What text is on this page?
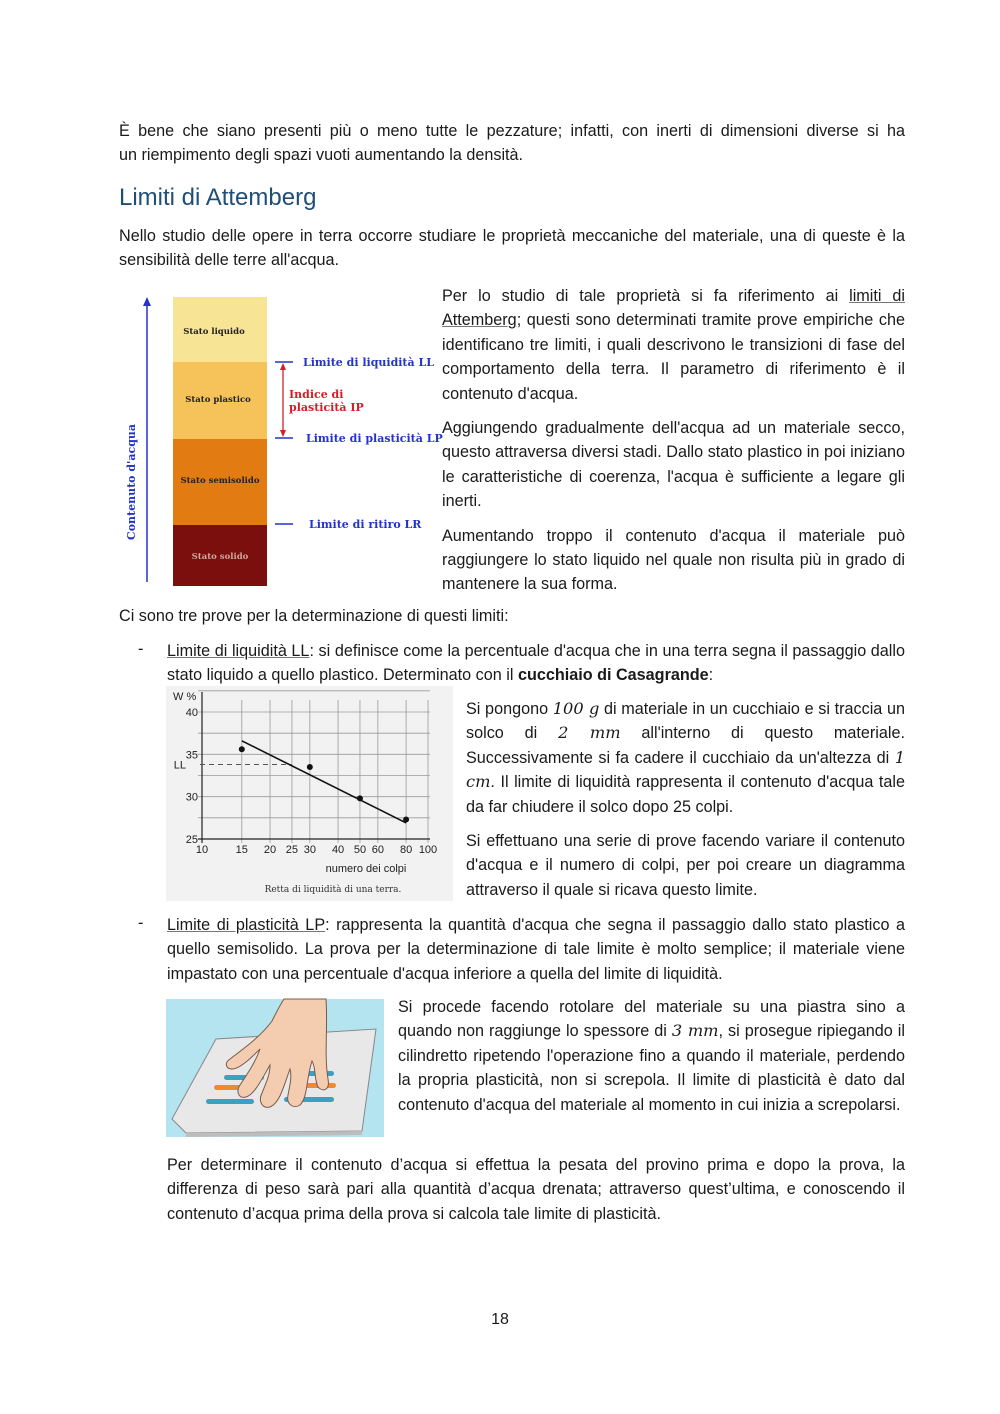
È bene che siano presenti più o meno tutte le pezzature; infatti, con inerti di dimensioni diverse si ha

un riempimento degli spazi vuoti aumentando la densità.

Limiti di Attemberg

Nello studio delle opere in terra occorre studiare le proprietà meccaniche del materiale, una di queste è la sensibilità delle terre all'acqua.

Contenuto d'acqua
Stato liquido
Stato plastico
Stato semisolido
Stato solido
Limite di liquidità LL
Limite di plasticità LP
Limite di ritiro LR
Indice di
plasticità IP

Per lo studio di tale proprietà si fa riferimento ai limiti di Attemberg; questi sono determinati tramite prove empiriche che identificano tre limiti, i quali descrivono le transizioni di fase del comportamento della terra. Il parametro di riferimento è il contenuto d'acqua.

Aggiungendo gradualmente dell'acqua ad un materiale secco, questo attraversa diversi stadi. Dallo stato plastico in poi iniziano le caratteristiche di coerenza, l'acqua è sufficiente a legare gli inerti.

Aumentando troppo il contenuto d'acqua il materiale può raggiungere lo stato liquido nel quale non risulta più in grado di mantenere la sua forma.

Ci sono tre prove per la determinazione di questi limiti:

- Limite di liquidità LL: si definisce come la percentuale d'acqua che in una terra segna il passaggio dallo stato liquido a quello plastico. Determinato con il cucchiaio di Casagrande:

10	15 20 25 30 40 50 60 80 100
25
30
35
40
LL
W %
numero dei colpi
Retta di liquidità di una terra.

Si pongono 100 g di materiale in un cucchiaio e si traccia un solco di 2 mm all'interno di questo materiale. Successivamente si fa cadere il cucchiaio da un'altezza di 1 cm. Il limite di liquidità rappresenta il contenuto d'acqua tale da far chiudere il solco dopo 25 colpi.

Si effettuano una serie di prove facendo variare il contenuto d'acqua e il numero di colpi, per poi creare un diagramma attraverso il quale si ricava questo limite.

- Limite di plasticità LP: rappresenta la quantità d'acqua che segna il passaggio dallo stato plastico a quello semisolido. La prova per la determinazione di tale limite è molto semplice; il materiale viene impastato con una percentuale d'acqua inferiore a quella del limite di liquidità.

Si procede facendo rotolare del materiale su una piastra sino a quando non raggiunge lo spessore di 3 mm, si prosegue ripiegando il cilindretto ripetendo l'operazione fino a quando il materiale, perdendo la propria plasticità, non si screpola. Il limite di plasticità è dato dal contenuto d'acqua del materiale al momento in cui inizia a screpolarsi.

Per determinare il contenuto d’acqua si effettua la pesata del provino prima e dopo la prova, la differenza di peso sarà pari alla quantità d’acqua drenata; attraverso quest’ultima, e conoscendo il contenuto d’acqua prima della prova si calcola tale limite di plasticità.

18
